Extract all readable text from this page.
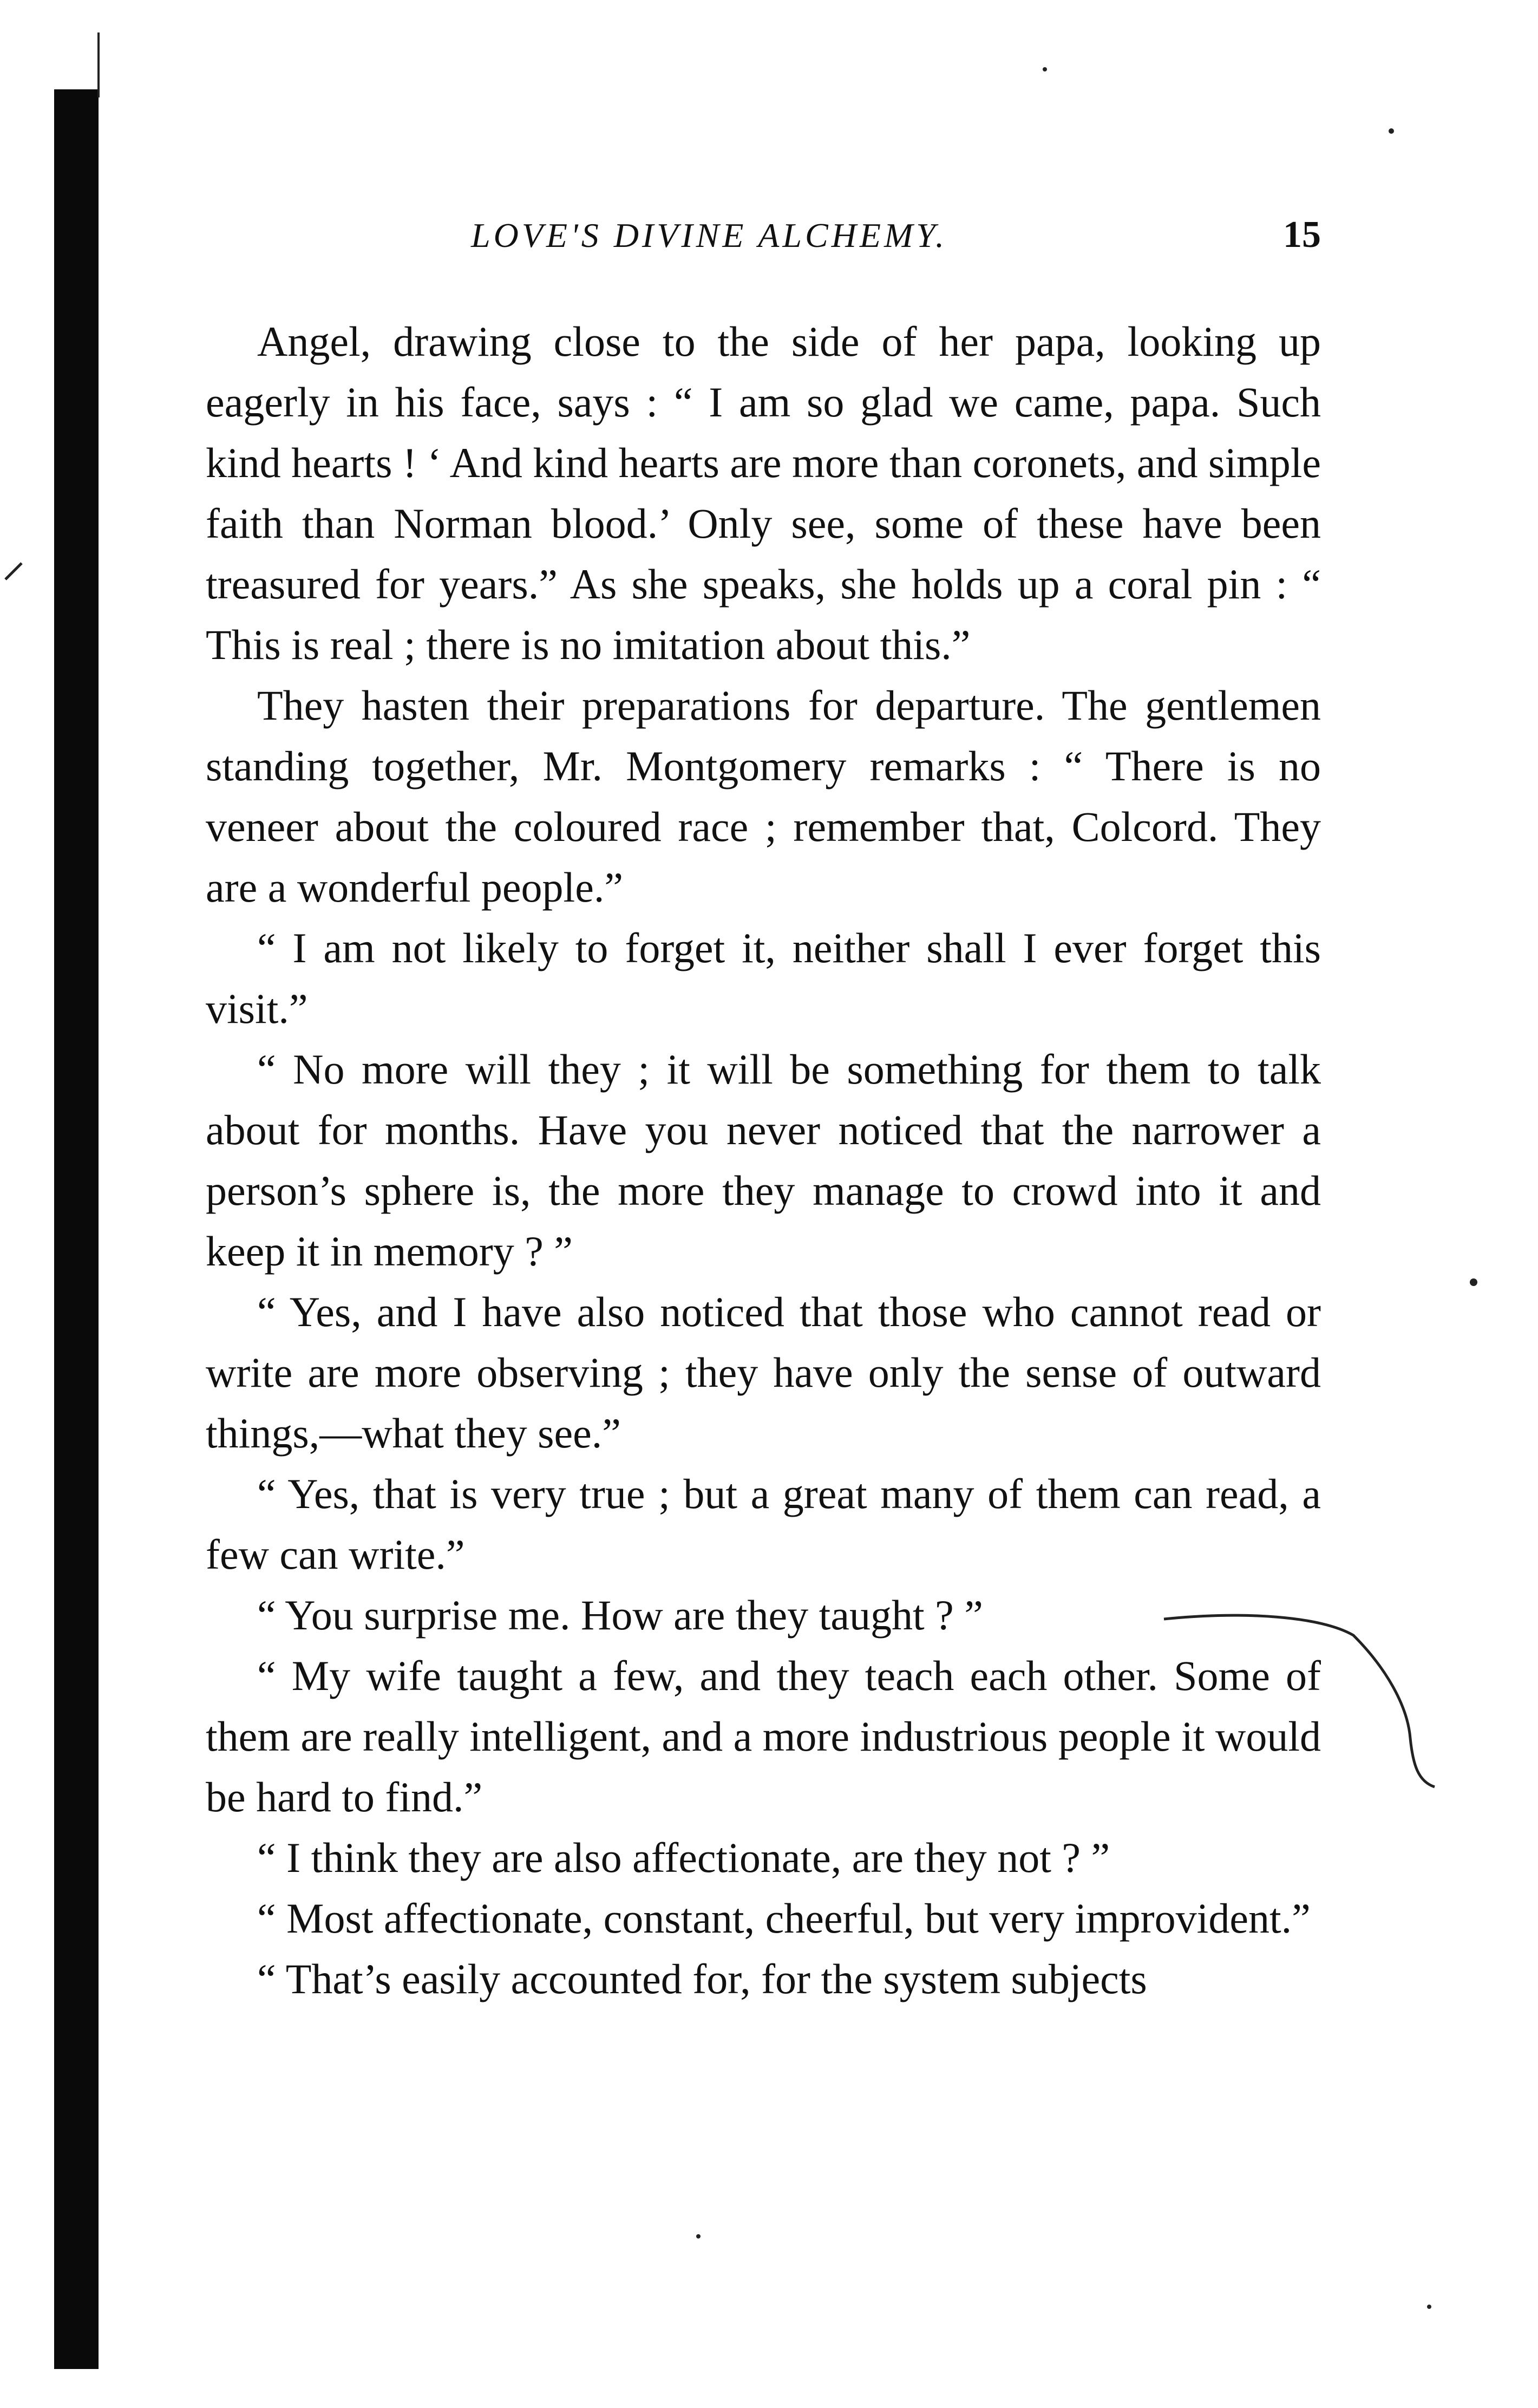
LOVE'S DIVINE ALCHEMY.	15

Angel, drawing close to the side of her papa, looking up eagerly in his face, says : “ I am so glad we came, papa. Such kind hearts ! ‘ And kind hearts are more than coronets, and simple faith than Norman blood.’ Only see, some of these have been treasured for years.” As she speaks, she holds up a coral pin : “ This is real ; there is no imitation about this.”

They hasten their preparations for departure. The gentlemen standing together, Mr. Montgomery remarks : “ There is no veneer about the coloured race ; remember that, Colcord. They are a wonderful people.”

“ I am not likely to forget it, neither shall I ever forget this visit.”

“ No more will they ; it will be something for them to talk about for months. Have you never noticed that the narrower a person’s sphere is, the more they manage to crowd into it and keep it in memory ? ”

“ Yes, and I have also noticed that those who cannot read or write are more observing ; they have only the sense of outward things,—what they see.”

“ Yes, that is very true ; but a great many of them can read, a few can write.”

“ You surprise me. How are they taught ? ”

“ My wife taught a few, and they teach each other. Some of them are really intelligent, and a more industrious people it would be hard to find.”

“ I think they are also affectionate, are they not ? ”

“ Most affectionate, constant, cheerful, but very improvident.”

“ That’s easily accounted for, for the system subjects
